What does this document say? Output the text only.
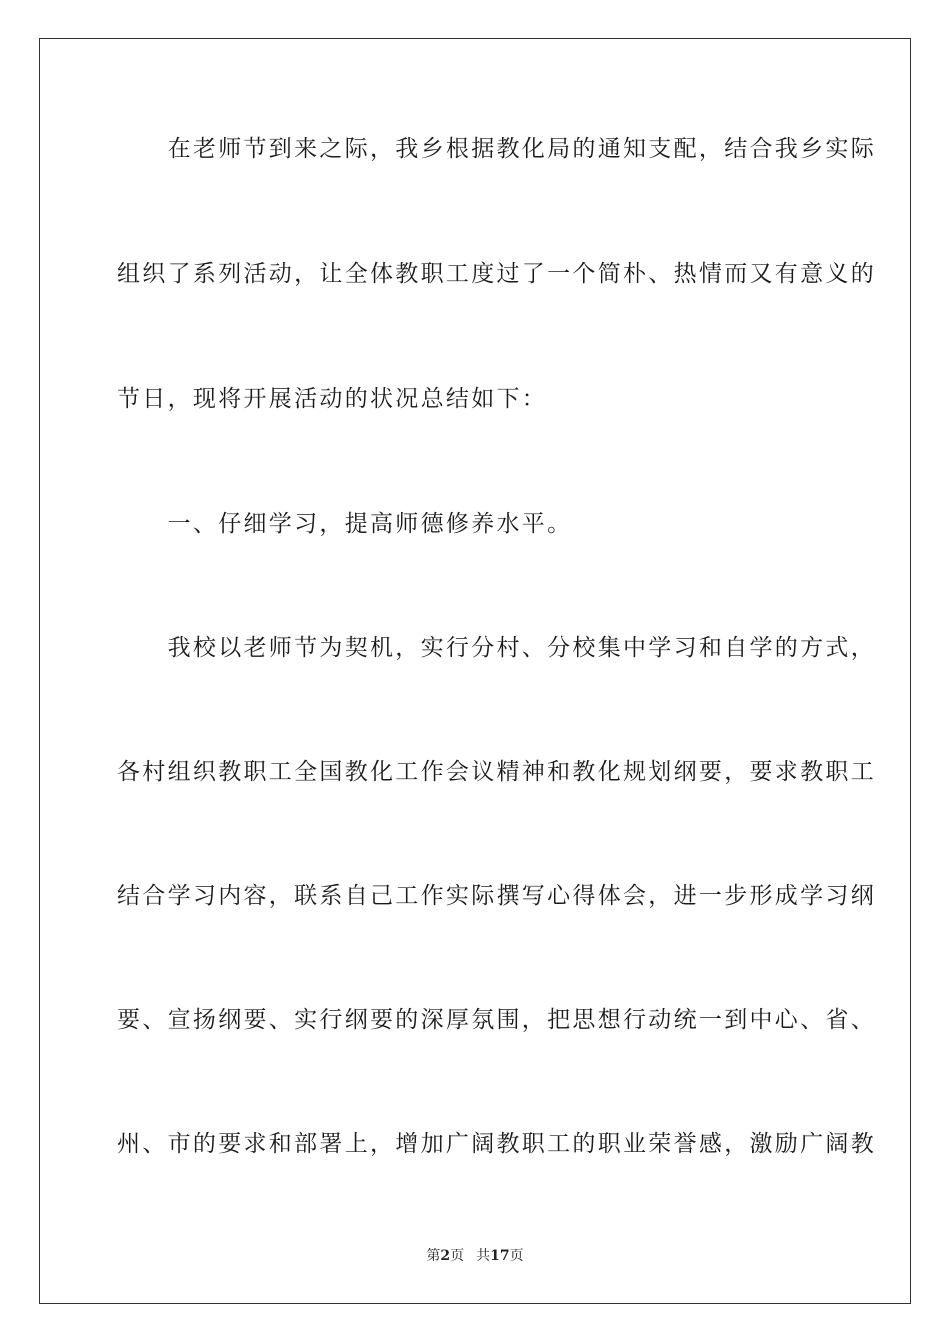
　　在老师节到来之际，我乡根据教化局的通知支配，结合我乡实际

组织了系列活动，让全体教职工度过了一个简朴、热情而又有意义的

节日，现将开展活动的状况总结如下：

　　一、仔细学习，提高师德修养水平。

　　我校以老师节为契机，实行分村、分校集中学习和自学的方式，

各村组织教职工全国教化工作会议精神和教化规划纲要，要求教职工

结合学习内容，联系自己工作实际撰写心得体会，进一步形成学习纲

要、宣扬纲要、实行纲要的深厚氛围，把思想行动统一到中心、省、

州、市的要求和部署上，增加广阔教职工的职业荣誉感，激励广阔教

第2页 共17页
